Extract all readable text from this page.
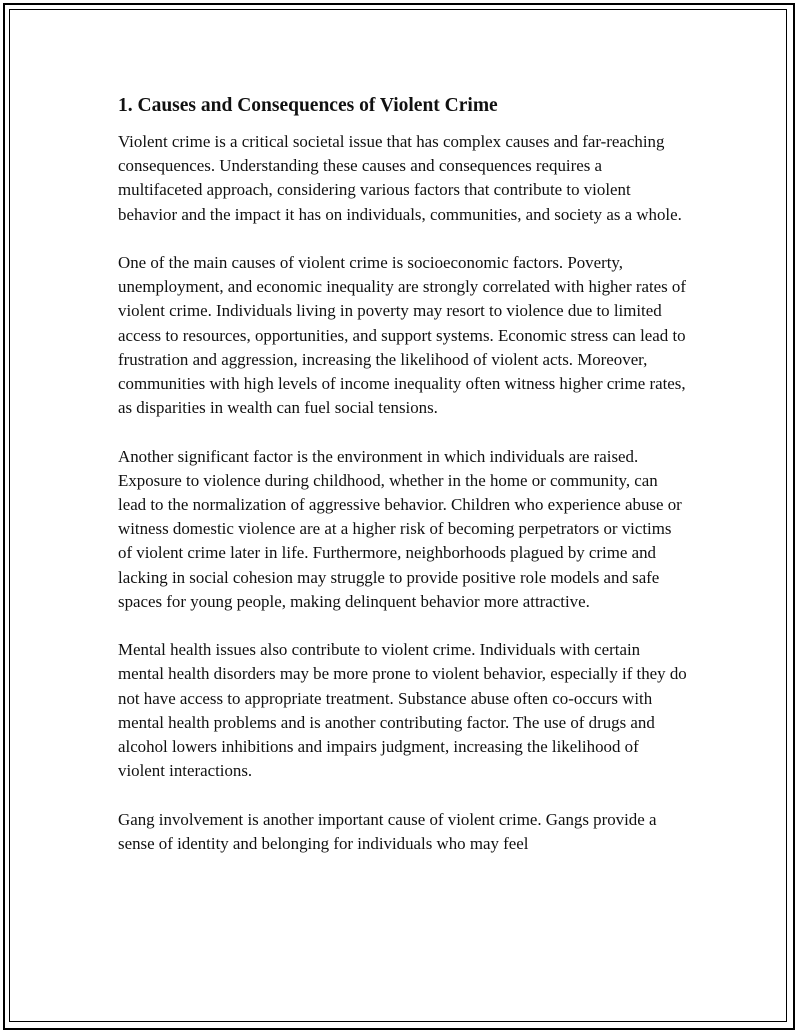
1. Causes and Consequences of Violent Crime

Violent crime is a critical societal issue that has complex causes and far-reaching consequences. Understanding these causes and consequences requires a multifaceted approach, considering various factors that contribute to violent behavior and the impact it has on individuals, communities, and society as a whole.

One of the main causes of violent crime is socioeconomic factors. Poverty, unemployment, and economic inequality are strongly correlated with higher rates of violent crime. Individuals living in poverty may resort to violence due to limited access to resources, opportunities, and support systems. Economic stress can lead to frustration and aggression, increasing the likelihood of violent acts. Moreover, communities with high levels of income inequality often witness higher crime rates, as disparities in wealth can fuel social tensions.

Another significant factor is the environment in which individuals are raised. Exposure to violence during childhood, whether in the home or community, can lead to the normalization of aggressive behavior. Children who experience abuse or witness domestic violence are at a higher risk of becoming perpetrators or victims of violent crime later in life. Furthermore, neighborhoods plagued by crime and lacking in social cohesion may struggle to provide positive role models and safe spaces for young people, making delinquent behavior more attractive.

Mental health issues also contribute to violent crime. Individuals with certain mental health disorders may be more prone to violent behavior, especially if they do not have access to appropriate treatment. Substance abuse often co-occurs with mental health problems and is another contributing factor. The use of drugs and alcohol lowers inhibitions and impairs judgment, increasing the likelihood of violent interactions.

Gang involvement is another important cause of violent crime. Gangs provide a sense of identity and belonging for individuals who may feel
